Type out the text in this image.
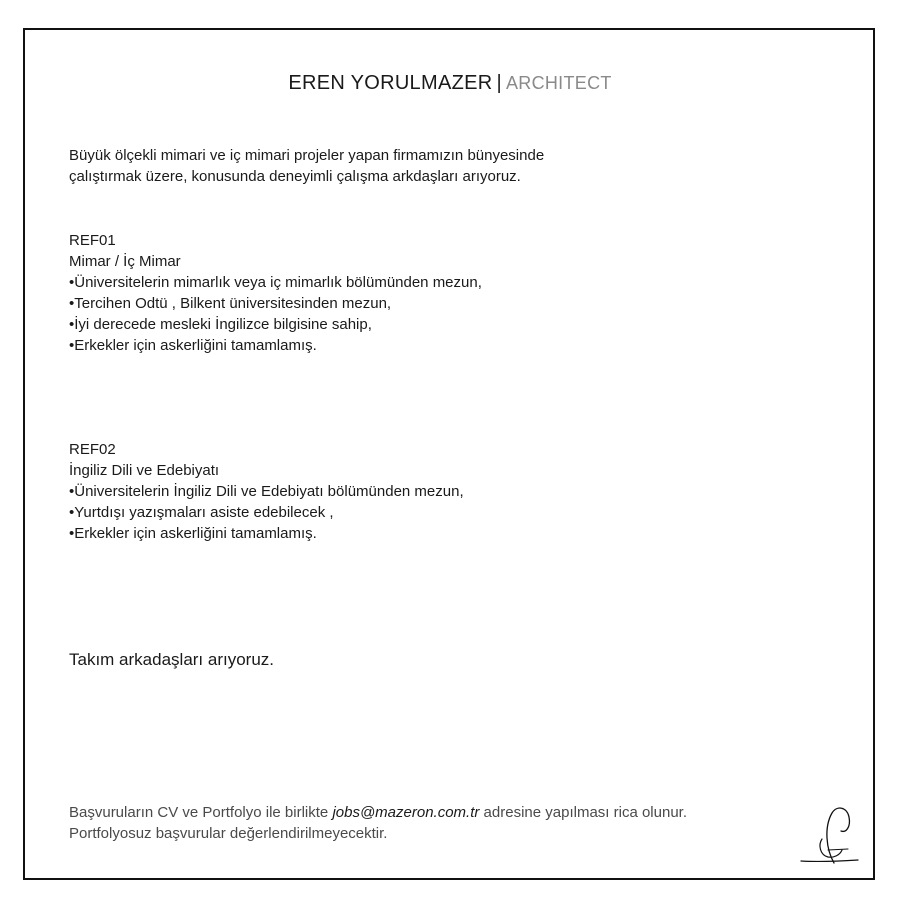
EREN YORULMAZER | ARCHITECT
Büyük ölçekli mimari ve iç mimari projeler yapan firmamızın bünyesinde
çalıştırmak üzere, konusunda deneyimli çalışma arkdaşları arıyoruz.
REF01
Mimar / İç Mimar
•Üniversitelerin mimarlık veya iç mimarlık bölümünden mezun,
•Tercihen Odtü , Bilkent üniversitesinden mezun,
•İyi derecede mesleki İngilizce bilgisine sahip,
•Erkekler için askerliğini tamamlamış.
REF02
İngiliz Dili ve Edebiyatı
•Üniversitelerin İngiliz Dili ve Edebiyatı bölümünden mezun,
•Yurtdışı yazışmaları asiste edebilecek ,
•Erkekler için askerliğini tamamlamış.
Takım arkadaşları arıyoruz.
Başvuruların CV ve Portfolyo ile birlikte jobs@mazeron.com.tr adresine yapılması rica olunur.
Portfolyosuz başvurular değerlendirilmeyecektir.
